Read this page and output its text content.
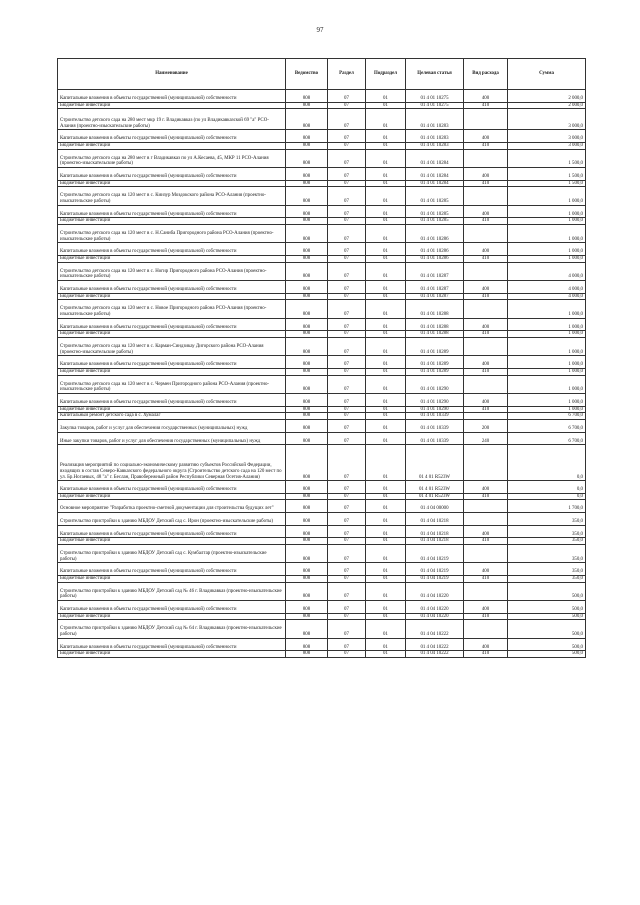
97
Наименование	Ведомство	Раздел	Подраздел	Целевая статья	Вид расхода	Сумма
Капитальные вложения в объекты государственной (муниципальной) собственности	808	07	01	01 4 01 10275	400	2 000,0
Бюджетные инвестиции	808	07	01	01 4 01 10275	410	2 000,0
Строительство детского сада на 280 мест мкр 19 г. Владикавказ (по ул Владикавказской 69 "а" РСО-Алания (проектно-изыскательские работы)	808	07	01	01 4 01 10283		3 000,0
Капитальные вложения в объекты государственной (муниципальной) собственности	808	07	01	01 4 01 10283	400	3 000,0
Бюджетные инвестиции	808	07	01	01 4 01 10283	410	3 000,0
Строительство детского сада на 280 мест в г Владикавказ по ул А.Кесаева, 45, МКР 11 РСО-Алания (проектно-изыскательские работы)	808	07	01	01 4 01 10284		1 500,0
Капитальные вложения в объекты государственной (муниципальной) собственности	808	07	01	01 4 01 10284	400	1 500,0
Бюджетные инвестиции	808	07	01	01 4 01 10284	410	1 500,0
Строительство детского сада на 120 мест в с. Киизур Моздокского района РСО-Алания (проектно-изыскательские работы)	808	07	01	01 4 01 10285		1 000,0
Капитальные вложения в объекты государственной (муниципальной) собственности	808	07	01	01 4 01 10285	400	1 000,0
Бюджетные инвестиции	808	07	01	01 4 01 10285	410	1 000,0
Строительство детского сада на 120 мест в с. Н.Саниба Пригородного района РСО-Алания (проектно-изыскательские работы)	808	07	01	01 4 01 10286		1 000,0
Капитальные вложения в объекты государственной (муниципальной) собственности	808	07	01	01 4 01 10286	400	1 000,0
Бюджетные инвестиции	808	07	01	01 4 01 10286	410	1 000,0
Строительство детского сада на 120 мест в с. Ногир Пригородного района РСО-Алания (проектно-изыскательские работы)	808	07	01	01 4 01 10287		4 000,0
Капитальные вложения в объекты государственной (муниципальной) собственности	808	07	01	01 4 01 10287	400	4 000,0
Бюджетные инвестиции	808	07	01	01 4 01 10287	410	4 000,0
Строительство детского сада на 120 мест в с. Новое Пригородного района РСО-Алания (проектно-изыскательские работы)	808	07	01	01 4 01 10288		1 000,0
Капитальные вложения в объекты государственной (муниципальной) собственности	808	07	01	01 4 01 10288	400	1 000,0
Бюджетные инвестиции	808	07	01	01 4 01 10288	410	1 000,0
Строительство детского сада на 120 мест в с. Карман-Синдзикау Дигорского района РСО-Алания (проектно-изыскательские работы)	808	07	01	01 4 01 10289		1 000,0
Капитальные вложения в объекты государственной (муниципальной) собственности	808	07	01	01 4 01 10289	400	1 000,0
Бюджетные инвестиции	808	07	01	01 4 01 10289	410	1 000,0
Строительство детского сада на 120 мест в с. Чермен Пригородного района РСО-Алания (проектно-изыскательские работы)	808	07	01	01 4 01 10290		1 000,0
Капитальные вложения в объекты государственной (муниципальной) собственности	808	07	01	01 4 01 10290	400	1 000,0
Бюджетные инвестиции	808	07	01	01 4 01 10290	410	1 000,0
Капитальный ремонт детского сада в с. Хумалаг	808	07	01	01 4 01 10339		6 700,0
Закупка товаров, работ и услуг для обеспечения государственных (муниципальных) нужд	808	07	01	01 4 01 10339	200	6 700,0
Иные закупки товаров, работ и услуг для обеспечения государственных (муниципальных) нужд	808	07	01	01 4 01 10339	240	6 700,0
Реализация мероприятий по социально-экономическому развитию субъектов Российской Федерации, входящих в состав Северо-Кавказского федерального округа (Строительство детского сада на 120 мест по ул. Бр.Ногаевых, 48 "а" г. Беслан, Правобережный район Республики Северная Осетия-Алания)	808	07	01	01 4 01 R523W		0,0
Капитальные вложения в объекты государственной (муниципальной) собственности	808	07	01	01 4 01 R523W	400	0,0
Бюджетные инвестиции	808	07	01	01 4 01 R523W	410	0,0
Основное мероприятие "Разработка проектно-сметной документации для строительства будущих лет"	808	07	01	01 4 04 00000		1 700,0
Строительство пристройки к зданию МБДОУ Детский сад с. Ирон (проектно-изыскательские работы)	808	07	01	01 4 04 10218		350,0
Капитальные вложения в объекты государственной (муниципальной) собственности	808	07	01	01 4 04 10218	400	350,0
Бюджетные инвестиции	808	07	01	01 4 04 10218	410	350,0
Строительство пристройки к зданию МБДОУ Детский сад с. Кумбалтар (проектно-изыскательские работы)	808	07	01	01 4 04 10219		350,0
Капитальные вложения в объекты государственной (муниципальной) собственности	808	07	01	01 4 04 10219	400	350,0
Бюджетные инвестиции	808	07	01	01 4 04 10219	410	350,0
Строительство пристройки к зданию МБДОУ Детский сад № 46 г. Владикавказ (проектно-изыскательские работы)	808	07	01	01 4 04 10220		500,0
Капитальные вложения в объекты государственной (муниципальной) собственности	808	07	01	01 4 04 10220	400	500,0
Бюджетные инвестиции	808	07	01	01 4 04 10220	410	500,0
Строительство пристройки к зданию МБДОУ Детский сад № 64 г. Владикавказ (проектно-изыскательские работы)	808	07	01	01 4 04 10222		500,0
Капитальные вложения в объекты государственной (муниципальной) собственности	808	07	01	01 4 04 10222	400	500,0
Бюджетные инвестиции	808	07	01	01 4 04 10222	410	500,0
